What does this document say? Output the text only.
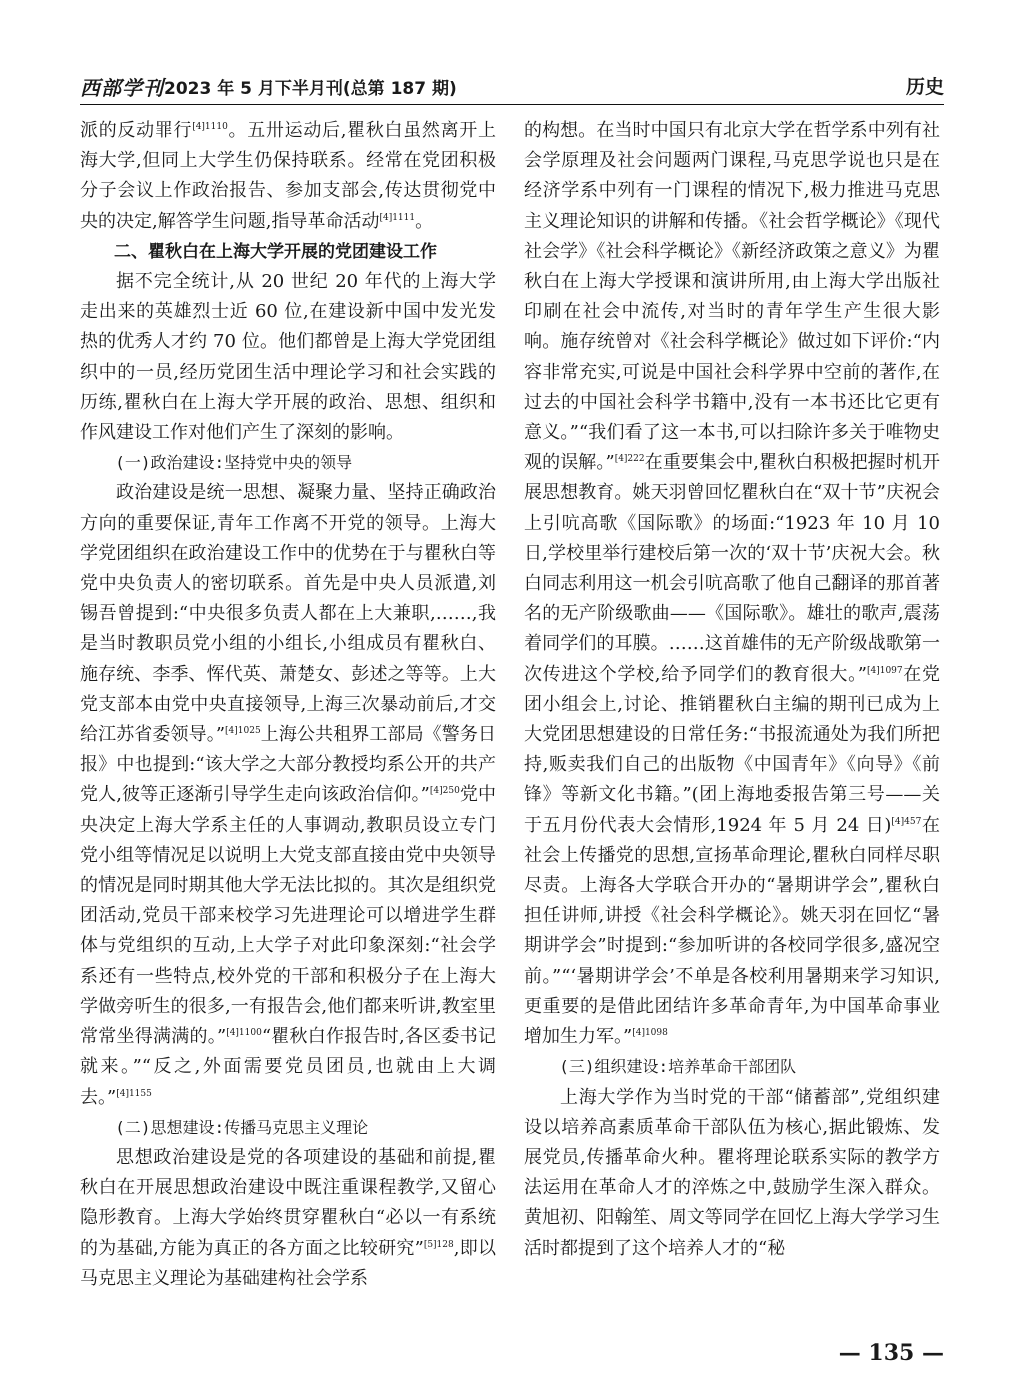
西部学刊 2023 年 5 月下半月刊(总第 187 期)	历史

派的反动罪行$^{[4]1110}$。五卅运动后,瞿秋白虽然离开上海大学,但同上大学生仍保持联系。经常在党团积极分子会议上作政治报告、参加支部会,传达贯彻党中央的决定,解答学生问题,指导革命活动$^{[4]1111}$。

二、瞿秋白在上海大学开展的党团建设工作

据不完全统计,从 20 世纪 20 年代的上海大学走出来的英雄烈士近 60 位,在建设新中国中发光发热的优秀人才约 70 位。他们都曾是上海大学党团组织中的一员,经历党团生活中理论学习和社会实践的历练,瞿秋白在上海大学开展的政治、思想、组织和作风建设工作对他们产生了深刻的影响。

(一)政治建设:坚持党中央的领导

政治建设是统一思想、凝聚力量、坚持正确政治方向的重要保证,青年工作离不开党的领导。上海大学党团组织在政治建设工作中的优势在于与瞿秋白等党中央负责人的密切联系。首先是中央人员派遣,刘锡吾曾提到:“中央很多负责人都在上大兼职,……,我是当时教职员党小组的小组长,小组成员有瞿秋白、施存统、李季、恽代英、萧楚女、彭述之等等。上大党支部本由党中央直接领导,上海三次暴动前后,才交给江苏省委领导。”$^{[4]1025}$上海公共租界工部局《警务日报》中也提到:“该大学之大部分教授均系公开的共产党人,彼等正逐渐引导学生走向该政治信仰。”$^{[4]250}$党中央决定上海大学系主任的人事调动,教职员设立专门党小组等情况足以说明上大党支部直接由党中央领导的情况是同时期其他大学无法比拟的。其次是组织党团活动,党员干部来校学习先进理论可以增进学生群体与党组织的互动,上大学子对此印象深刻:“社会学系还有一些特点,校外党的干部和积极分子在上海大学做旁听生的很多,一有报告会,他们都来听讲,教室里常常坐得满满的。”$^{[4]1100}$“瞿秋白作报告时,各区委书记就来。”“反之,外面需要党员团员,也就由上大调去。”$^{[4]1155}$

(二)思想建设:传播马克思主义理论

思想政治建设是党的各项建设的基础和前提,瞿秋白在开展思想政治建设中既注重课程教学,又留心隐形教育。上海大学始终贯穿瞿秋白“必以一有系统的为基础,方能为真正的各方面之比较研究”$^{[5]128}$,即以马克思主义理论为基础建构社会学系

的构想。在当时中国只有北京大学在哲学系中列有社会学原理及社会问题两门课程,马克思学说也只是在经济学系中列有一门课程的情况下,极力推进马克思主义理论知识的讲解和传播。《社会哲学概论》《现代社会学》《社会科学概论》《新经济政策之意义》为瞿秋白在上海大学授课和演讲所用,由上海大学出版社印刷在社会中流传,对当时的青年学生产生很大影响。施存统曾对《社会科学概论》做过如下评价:“内容非常充实,可说是中国社会科学界中空前的著作,在过去的中国社会科学书籍中,没有一本书还比它更有意义。”“我们看了这一本书,可以扫除许多关于唯物史观的误解。”$^{[4]222}$在重要集会中,瞿秋白积极把握时机开展思想教育。姚天羽曾回忆瞿秋白在“双十节”庆祝会上引吭高歌《国际歌》的场面:“1923 年 10 月 10 日,学校里举行建校后第一次的‘双十节’庆祝大会。秋白同志利用这一机会引吭高歌了他自己翻译的那首著名的无产阶级歌曲——《国际歌》。雄壮的歌声,震荡着同学们的耳膜。……这首雄伟的无产阶级战歌第一次传进这个学校,给予同学们的教育很大。”$^{[4]1097}$在党团小组会上,讨论、推销瞿秋白主编的期刊已成为上大党团思想建设的日常任务:“书报流通处为我们所把持,贩卖我们自己的出版物《中国青年》《向导》《前锋》等新文化书籍。”(团上海地委报告第三号——关于五月份代表大会情形,1924 年 5 月 24 日)$^{[4]457}$在社会上传播党的思想,宣扬革命理论,瞿秋白同样尽职尽责。上海各大学联合开办的“暑期讲学会”,瞿秋白担任讲师,讲授《社会科学概论》。姚天羽在回忆“暑期讲学会”时提到:“参加听讲的各校同学很多,盛况空前。”“‘暑期讲学会’不单是各校利用暑期来学习知识,更重要的是借此团结许多革命青年,为中国革命事业增加生力军。”$^{[4]1098}$

(三)组织建设:培养革命干部团队

上海大学作为当时党的干部“储蓄部”,党组织建设以培养高素质革命干部队伍为核心,据此锻炼、发展党员,传播革命火种。瞿将理论联系实际的教学方法运用在革命人才的淬炼之中,鼓励学生深入群众。黄旭初、阳翰笙、周文等同学在回忆上海大学学习生活时都提到了这个培养人才的“秘

— 135 —
